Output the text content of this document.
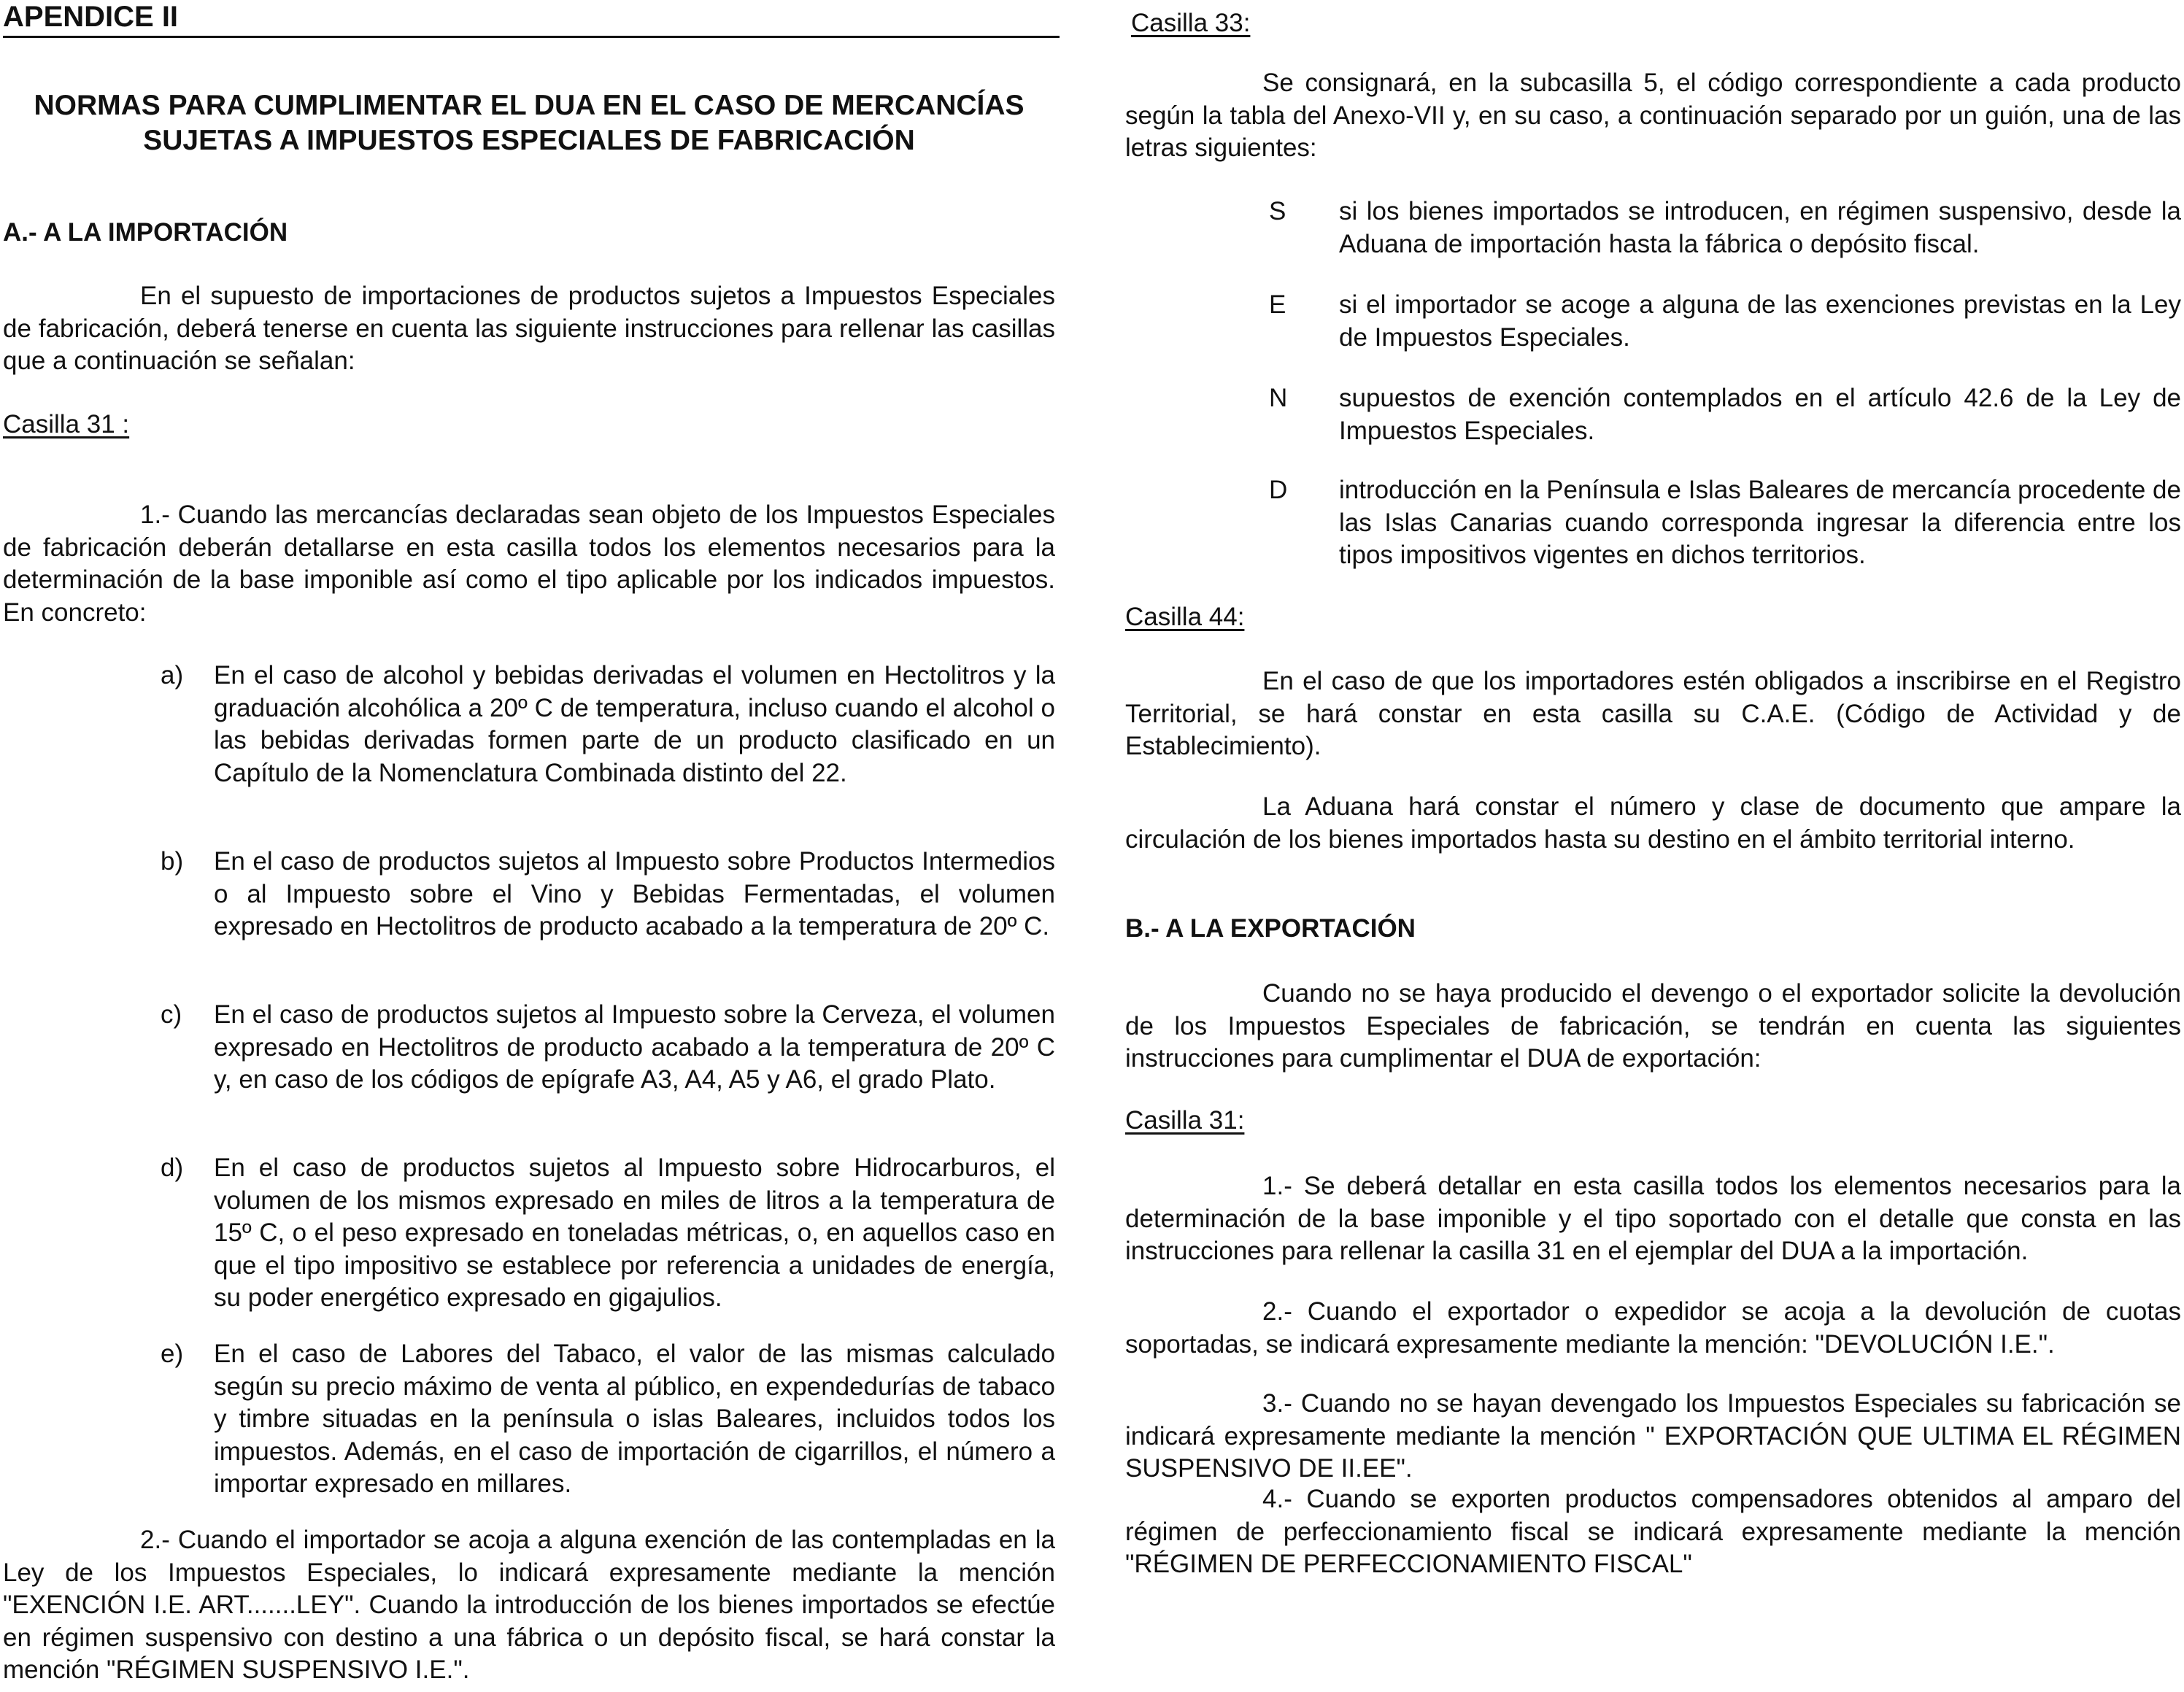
APENDICE II
NORMAS PARA CUMPLIMENTAR EL DUA EN EL CASO DE MERCANCÍAS SUJETAS A IMPUESTOS ESPECIALES DE FABRICACIÓN
A.- A LA IMPORTACIÓN

En el supuesto de importaciones de productos sujetos a Impuestos Especiales de fabricación, deberá tenerse en cuenta las siguiente instrucciones para rellenar las casillas que a continuación se señalan:

Casilla 31 :

1.- Cuando las mercancías declaradas sean objeto de los Impuestos Especiales de fabricación deberán detallarse en esta casilla todos los elementos necesarios para la determinación de la base imponible así como el tipo aplicable por los indicados impuestos. En concreto:

a)	En el caso de alcohol y bebidas derivadas el volumen en Hectolitros y la graduación alcohólica a 20º C de temperatura, incluso cuando el alcohol o las bebidas derivadas formen parte de un producto clasificado en un Capítulo de la Nomenclatura Combinada distinto del 22.
b)	En el caso de productos sujetos al Impuesto sobre Productos Intermedios o al Impuesto sobre el Vino y Bebidas Fermentadas, el volumen expresado en Hectolitros de producto acabado a la temperatura de 20º C.
c)	En el caso de productos sujetos al Impuesto sobre la Cerveza, el volumen expresado en Hectolitros de producto acabado a la temperatura de 20º C y, en caso de los códigos de epígrafe A3, A4, A5 y A6, el grado Plato.
d)	En el caso de productos sujetos al Impuesto sobre Hidrocarburos, el volumen de los mismos expresado en miles de litros a la temperatura de 15º C, o el peso expresado en toneladas métricas, o, en aquellos caso en que el tipo impositivo se establece por referencia a unidades de energía, su poder energético expresado en gigajulios.
e)	En el caso de Labores del Tabaco, el valor de las mismas calculado según su precio máximo de venta al público, en expendedurías de tabaco y timbre situadas en la península o islas Baleares, incluidos todos los impuestos. Además, en el caso de importación de cigarrillos, el número a importar expresado en millares.

2.- Cuando el importador se acoja a alguna exención de las contempladas en la Ley de los Impuestos Especiales, lo indicará expresamente mediante la mención "EXENCIÓN I.E. ART.......LEY". Cuando la introducción de los bienes importados se efectúe en régimen suspensivo con destino a una fábrica o un depósito fiscal, se hará constar la mención "RÉGIMEN SUSPENSIVO I.E.".

Casilla 33:

Se consignará, en la subcasilla 5, el código correspondiente a cada producto según la tabla del Anexo-VII y, en su caso, a continuación separado por un guión, una de las letras siguientes:

S	si los bienes importados se introducen, en régimen suspensivo, desde la Aduana de importación hasta la fábrica o depósito fiscal.
E	si el importador se acoge a alguna de las exenciones previstas en la Ley de Impuestos Especiales.
N	supuestos de exención contemplados en el artículo 42.6 de la Ley de Impuestos Especiales.
D	introducción en la Península e Islas Baleares de mercancía procedente de las Islas Canarias cuando corresponda ingresar la diferencia entre los tipos impositivos vigentes en dichos territorios.
Casilla 44:

En el caso de que los importadores estén obligados a inscribirse en el Registro Territorial, se hará constar en esta casilla su C.A.E. (Código de Actividad y de Establecimiento).

La Aduana hará constar el número y clase de documento que ampare la circulación de los bienes importados hasta su destino en el ámbito territorial interno.

B.- A LA EXPORTACIÓN

Cuando no se haya producido el devengo o el exportador solicite la devolución de los Impuestos Especiales de fabricación, se tendrán en cuenta las siguientes instrucciones para cumplimentar el DUA de exportación:

Casilla 31:

1.- Se deberá detallar en esta casilla todos los elementos necesarios para la determinación de la base imponible y el tipo soportado con el detalle que consta en las instrucciones para rellenar la casilla 31 en el ejemplar del DUA a la importación.

2.- Cuando el exportador o expedidor se acoja a la devolución de cuotas soportadas, se indicará expresamente mediante la mención: "DEVOLUCIÓN I.E.".

3.- Cuando no se hayan devengado los Impuestos Especiales su fabricación se indicará expresamente mediante la mención " EXPORTACIÓN QUE ULTIMA EL RÉGIMEN SUSPENSIVO DE II.EE".

4.- Cuando se exporten productos compensadores obtenidos al amparo del régimen de perfeccionamiento fiscal se indicará expresamente mediante la mención "RÉGIMEN DE PERFECCIONAMIENTO FISCAL"
